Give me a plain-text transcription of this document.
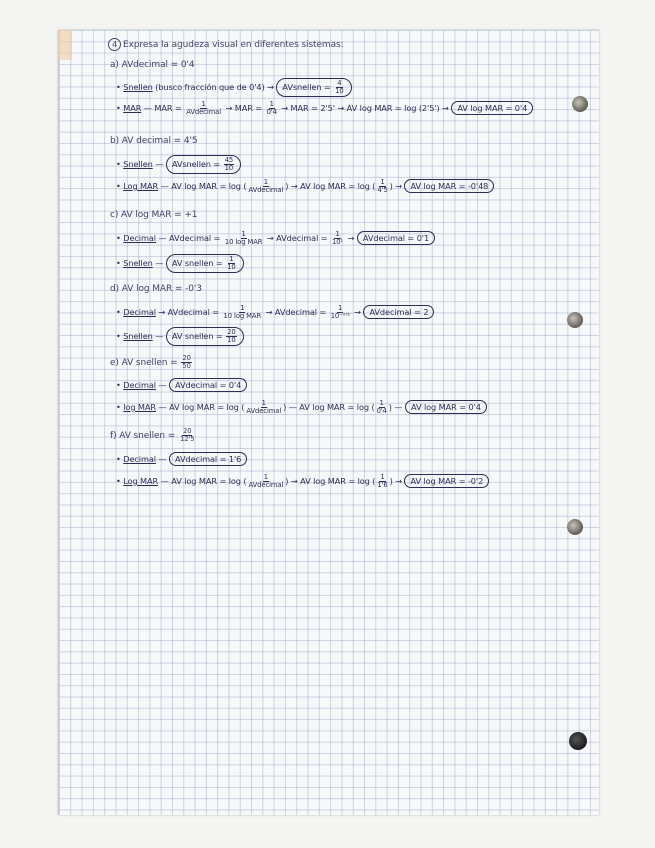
4 Expresa la agudeza visual en diferentes sistemas:
a) AVdecimal = 0'4
• Snellen (busco fracción que de 0'4) → AVsnellen = $\frac{4}{10}$
• MAR — MAR = $\frac{1}{\text{AVdecimal}}$ → MAR = $\frac{1}{0'4}$ → MAR = 2'5' → AV log MAR = log (2'5') → AV log MAR = 0'4
b) AV decimal = 4'5
• Snellen — AVsnellen = $\frac{45}{10}$
• Log MAR — AV log MAR = log ( $\frac{1}{\text{AVdecimal}}$ ) → AV log MAR = log ( $\frac{1}{4'5}$ ) → AV log MAR = -0'48
c) AV log MAR = +1
• Decimal — AVdecimal = $\frac{1}{\text{10 log MAR}}$ → AVdecimal = $\frac{1}{\text{10¹}}$ → AVdecimal = 0'1
• Snellen — AV snellen = $\frac{1}{10}$
d) AV log MAR = -0'3
• Decimal → AVdecimal = $\frac{1}{\text{10 log MAR}}$ → AVdecimal = $\frac{1}{\text{10⁻⁰'³}}$ → AVdecimal = 2
• Snellen — AV snellen = $\frac{20}{10}$
e) AV snellen = $\frac{20}{50}$
• Decimal — AVdecimal = 0'4
• log MAR — AV log MAR = log ( $\frac{1}{\text{AVdecimal}}$ ) — AV log MAR = log ( $\frac{1}{0'4}$ ) — AV log MAR = 0'4
f) AV snellen = $\frac{20}{12'5}$
• Decimal — AVdecimal = 1'6
• Log MAR — AV log MAR = log ( $\frac{1}{\text{AVdecimal}}$ ) → AV log MAR = log ( $\frac{1}{1'6}$ ) → AV log MAR = -0'2
